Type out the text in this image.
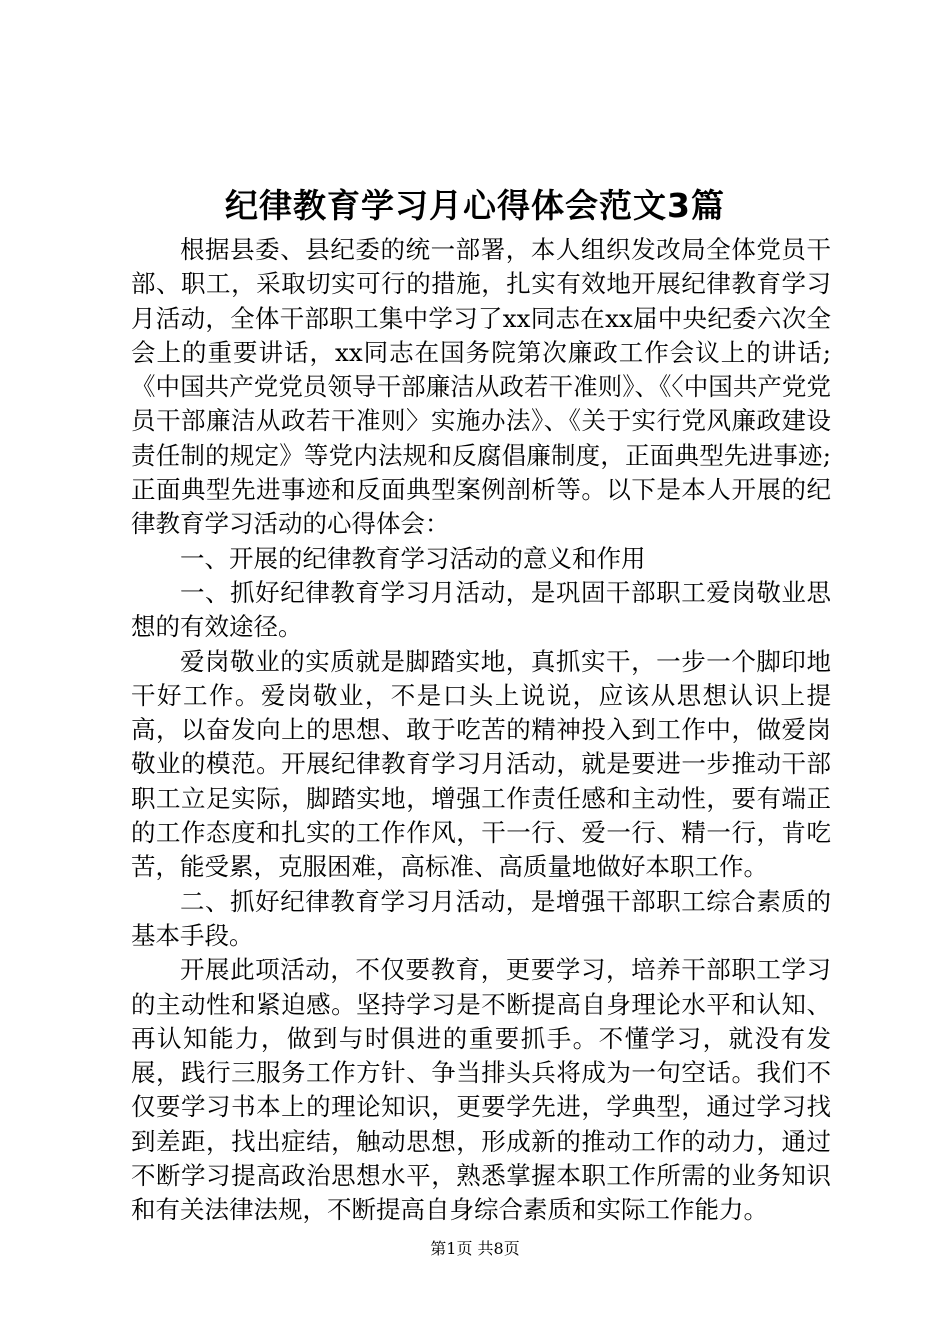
纪律教育学习月心得体会范文3篇

根据县委、县纪委的统一部署，本人组织发改局全体党员干部、职工，采取切实可行的措施，扎实有效地开展纪律教育学习月活动，全体干部职工集中学习了xx同志在xx届中央纪委六次全会上的重要讲话，xx同志在国务院第次廉政工作会议上的讲话;《中国共产党党员领导干部廉洁从政若干准则》、《〈中国共产党党员干部廉洁从政若干准则〉实施办法》、《关于实行党风廉政建设责任制的规定》等党内法规和反腐倡廉制度，正面典型先进事迹;正面典型先进事迹和反面典型案例剖析等。以下是本人开展的纪律教育学习活动的心得体会：

一、开展的纪律教育学习活动的意义和作用

一、抓好纪律教育学习月活动，是巩固干部职工爱岗敬业思想的有效途径。

爱岗敬业的实质就是脚踏实地，真抓实干，一步一个脚印地干好工作。爱岗敬业，不是口头上说说，应该从思想认识上提高，以奋发向上的思想、敢于吃苦的精神投入到工作中，做爱岗敬业的模范。开展纪律教育学习月活动，就是要进一步推动干部职工立足实际，脚踏实地，增强工作责任感和主动性，要有端正的工作态度和扎实的工作作风，干一行、爱一行、精一行，肯吃苦，能受累，克服困难，高标准、高质量地做好本职工作。

二、抓好纪律教育学习月活动，是增强干部职工综合素质的基本手段。

开展此项活动，不仅要教育，更要学习，培养干部职工学习的主动性和紧迫感。坚持学习是不断提高自身理论水平和认知、再认知能力，做到与时俱进的重要抓手。不懂学习，就没有发展，践行三服务工作方针、争当排头兵将成为一句空话。我们不仅要学习书本上的理论知识，更要学先进，学典型，通过学习找到差距，找出症结，触动思想，形成新的推动工作的动力，通过不断学习提高政治思想水平，熟悉掌握本职工作所需的业务知识和有关法律法规，不断提高自身综合素质和实际工作能力。

第1页 共8页
